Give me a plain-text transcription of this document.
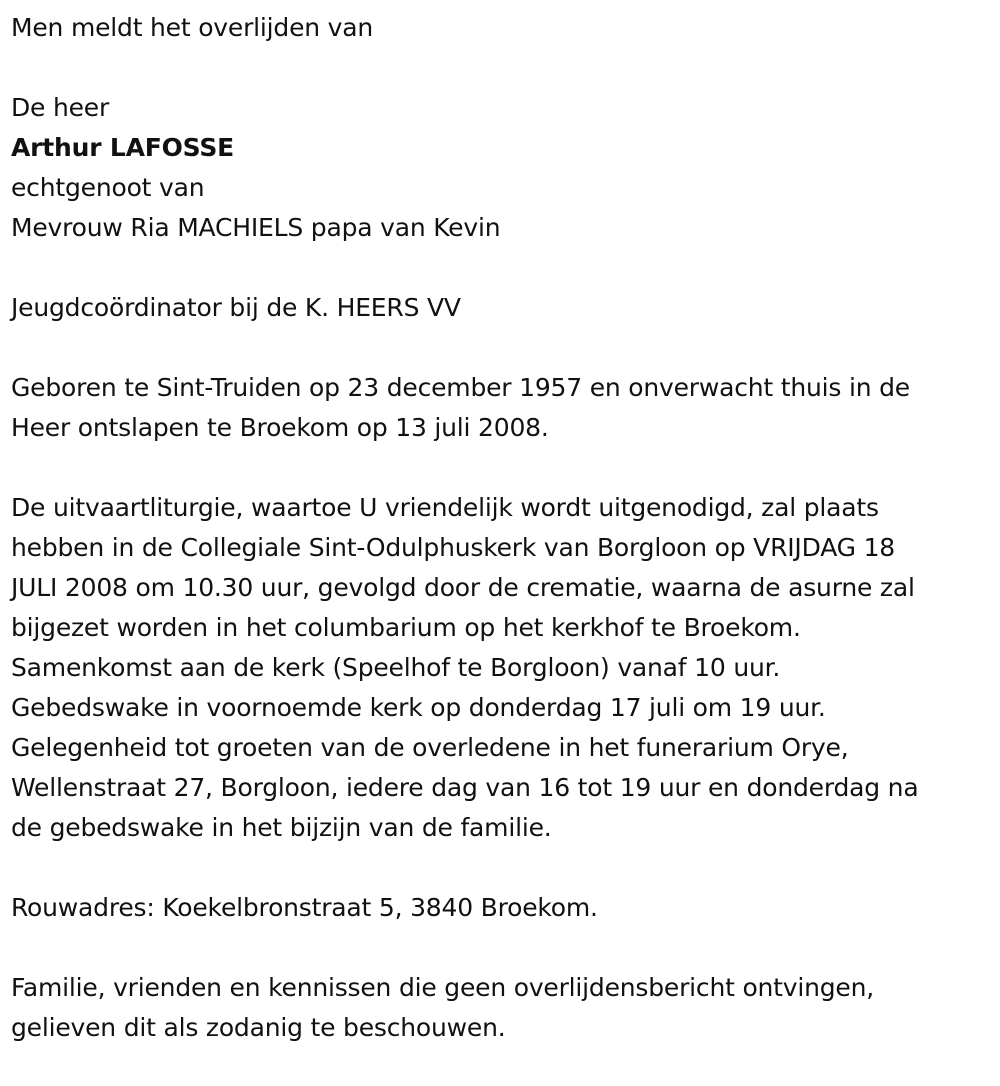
Men meldt het overlijden van
De heer
Arthur LAFOSSE
echtgenoot van
Mevrouw Ria MACHIELS papa van Kevin
Jeugdcoördinator bij de K. HEERS VV
Geboren te Sint-Truiden op 23 december 1957 en onverwacht thuis in de
Heer ontslapen te Broekom op 13 juli 2008.
De uitvaartliturgie, waartoe U vriendelijk wordt uitgenodigd, zal plaats
hebben in de Collegiale Sint-Odulphuskerk van Borgloon op VRIJDAG 18
JULI 2008 om 10.30 uur, gevolgd door de crematie, waarna de asurne zal
bijgezet worden in het columbarium op het kerkhof te Broekom.
Samenkomst aan de kerk (Speelhof te Borgloon) vanaf 10 uur.
Gebedswake in voornoemde kerk op donderdag 17 juli om 19 uur.
Gelegenheid tot groeten van de overledene in het funerarium Orye,
Wellenstraat 27, Borgloon, iedere dag van 16 tot 19 uur en donderdag na
de gebedswake in het bijzijn van de familie.
Rouwadres: Koekelbronstraat 5, 3840 Broekom.
Familie, vrienden en kennissen die geen overlijdensbericht ontvingen,
gelieven dit als zodanig te beschouwen.
